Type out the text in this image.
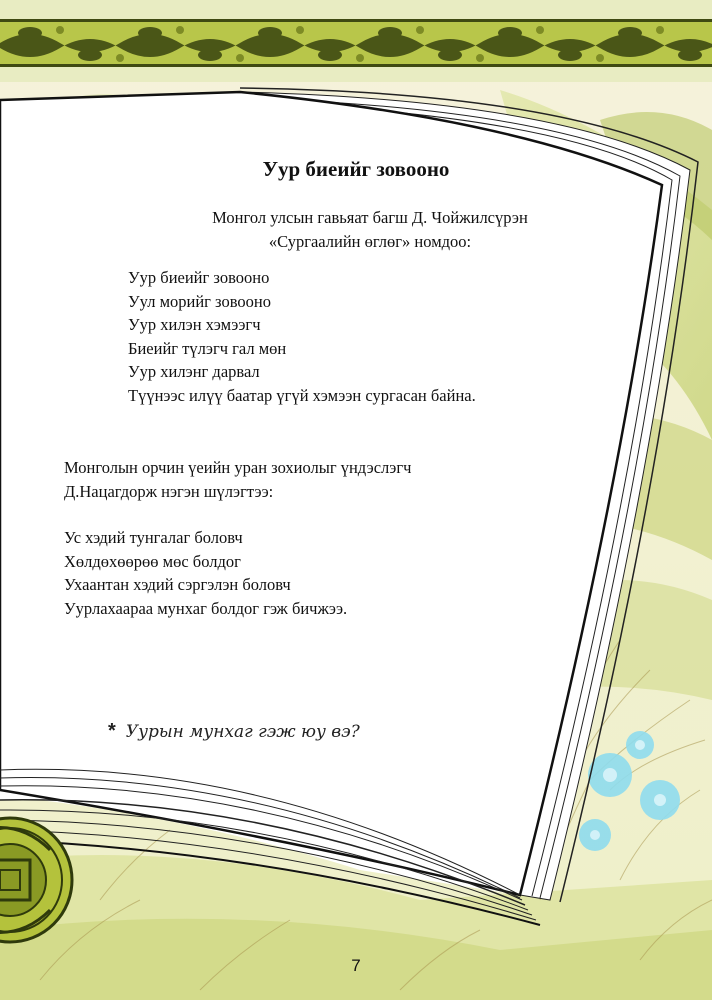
Уур биеийг зовооно
Монгол улсын гавьяат багш Д. Чойжилсүрэн
«Сургаалийн өглөг» номдоо:
Уур биеийг зовооно
Уул морийг зовооно
Уур хилэн хэмээгч
Биеийг түлэгч гал мөн
Уур хилэнг дарвал
Түүнээс илүү баатар үгүй хэмээн сургасан байна.
Монголын орчин үеийн уран зохиолыг үндэслэгч
Д.Нацагдорж нэгэн шүлэгтээ:
Ус хэдий тунгалаг боловч
Хөлдөхөөрөө мөс болдог
Ухаантан хэдий сэргэлэн боловч
Уурлахаараа мунхаг болдог гэж бичжээ.
* Уурын мунхаг гэж юу вэ?
7
